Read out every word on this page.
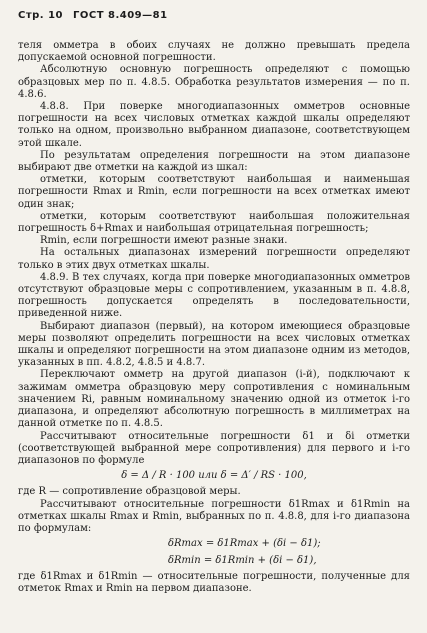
Стр. 10 ГОСТ 8.409—81

теля омметра в обоих случаях не должно превышать предела допускаемой основной погрешности.

Абсолютную основную погрешность определяют с помощью образцовых мер по п. 4.8.5. Обработка результатов измерения — по п. 4.8.6.

4.8.8. При поверке многодиапазонных омметров основные погрешности на всех числовых отметках каждой шкалы определяют только на одном, произвольно выбранном диапазоне, соответствующем этой шкале.

По результатам определения погрешности на этом диапазоне выбирают две отметки на каждой из шкал:

отметки, которым соответствуют наибольшая и наименьшая погрешности Rmax и Rmin, если погрешности на всех отметках имеют один знак;

отметки, которым соответствуют наибольшая положительная погрешность δ+Rmax и наибольшая отрицательная погрешность;

Rmin, если погрешности имеют разные знаки.

На остальных диапазонах измерений погрешности определяют только в этих двух отметках шкалы.

4.8.9. В тех случаях, когда при поверке многодиапазонных омметров отсутствуют образцовые меры с сопротивлением, указанным в п. 4.8.8, погрешность допускается определять в последовательности, приведенной ниже.

Выбирают диапазон (первый), на котором имеющиеся образцовые меры позволяют определить погрешности на всех числовых отметках шкалы и определяют погрешности на этом диапазоне одним из методов, указанных в пп. 4.8.2, 4.8.5 и 4.8.7.

Переключают омметр на другой диапазон (i-й), подключают к зажимам омметра образцовую меру сопротивления с номинальным значением Ri, равным номинальному значению одной из отметок i-го диапазона, и определяют абсолютную погрешность в миллиметрах на данной отметке по п. 4.8.5.

Рассчитывают относительные погрешности δ1 и δi отметки (соответствующей выбранной мере сопротивления) для первого и i-го диапазонов по формуле

δ = Δ / R · 100 или δ = Δ′ / RS · 100,

где R — сопротивление образцовой меры.

Рассчитывают относительные погрешности δ1Rmax и δ1Rmin на отметках шкалы Rmax и Rmin, выбранных по п. 4.8.8, для i-го диапазона по формулам:

δRmax = δ1Rmax + (δi − δ1);
δRmin = δ1Rmin + (δi − δ1),

где δ1Rmax и δ1Rmin — относительные погрешности, полученные для отметок Rmax и Rmin на первом диапазоне.
